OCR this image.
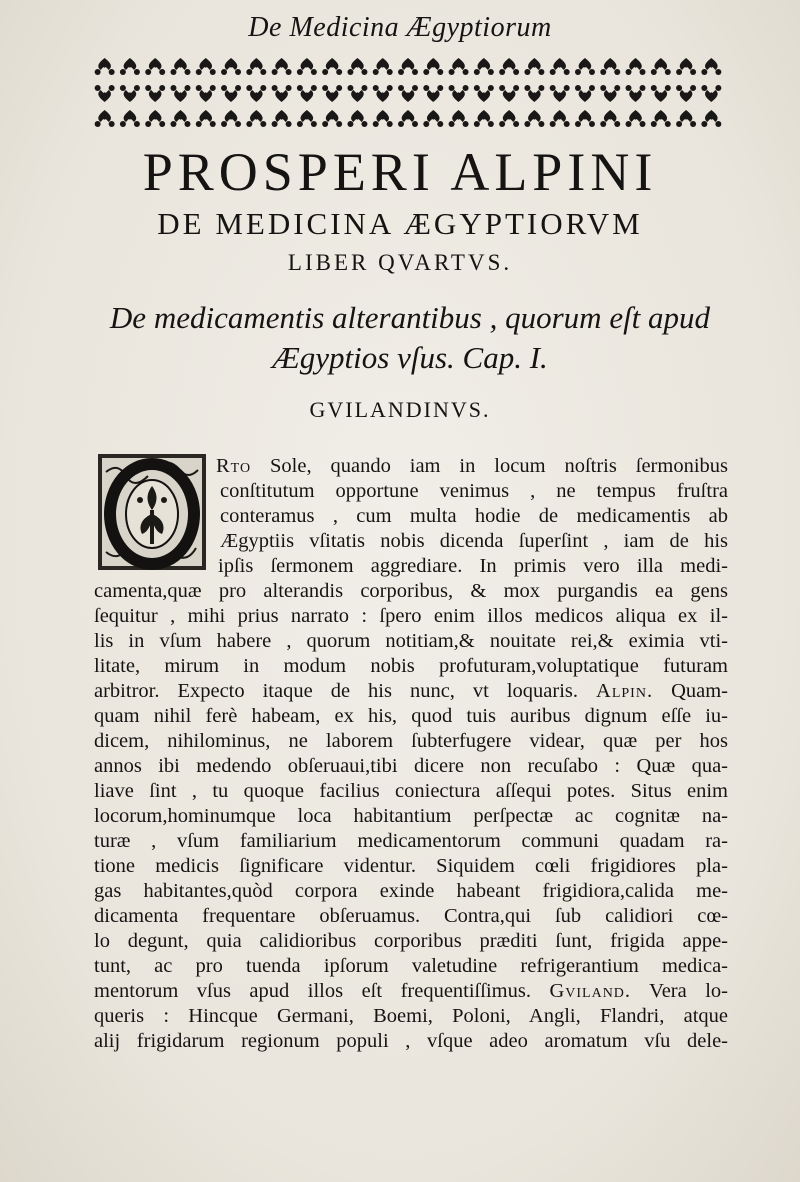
De Medicina Ægyptiorum
PROSPERI ALPINI
DE MEDICINA ÆGYPTIORVM
LIBER QVARTVS.
De medicamentis alterantibus , quorum eſt apud
Ægyptios vſus. Cap. I.
GVILANDINVS.
Rto Sole, quando iam in locum noſtris ſermonibus
conſtitutum opportune venimus , ne tempus fruſtra
conteramus , cum multa hodie de medicamentis ab
Ægyptiis vſitatis nobis dicenda ſuperſint , iam de his
ipſis ſermonem aggrediare. In primis vero illa medi-
camenta,quæ pro alterandis corporibus, & mox purgandis ea gens
ſequitur , mihi prius narrato : ſpero enim illos medicos aliqua ex il-
lis in vſum habere , quorum notitiam,& nouitate rei,& eximia vti-
litate, mirum in modum nobis profuturam,voluptatique futuram
arbitror. Expecto itaque de his nunc, vt loquaris. Alpin. Quam-
quam nihil ferè habeam, ex his, quod tuis auribus dignum eſſe iu-
dicem, nihilominus, ne laborem ſubterfugere videar, quæ per hos
annos ibi medendo obſeruaui,tibi dicere non recuſabo : Quæ qua-
liave ſint , tu quoque facilius coniectura aſſequi potes. Situs enim
locorum,hominumque loca habitantium perſpectæ ac cognitæ na-
turæ , vſum familiarium medicamentorum communi quadam ra-
tione medicis ſignificare videntur. Siquidem cœli frigidiores pla-
gas habitantes,quòd corpora exinde habeant frigidiora,calida me-
dicamenta frequentare obſeruamus. Contra,qui ſub calidiori cœ-
lo degunt, quia calidioribus corporibus præditi ſunt, frigida appe-
tunt, ac pro tuenda ipſorum valetudine refrigerantium medica-
mentorum vſus apud illos eſt frequentiſſimus. Gviland. Vera lo-
queris : Hincque Germani, Boemi, Poloni, Angli, Flandri, atque
alij frigidarum regionum populi , vſque adeo aromatum vſu dele-
